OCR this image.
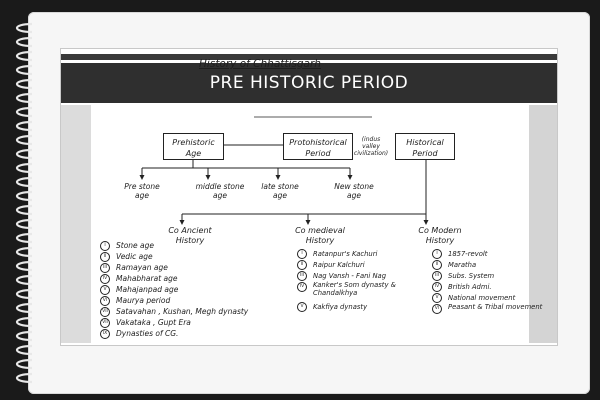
PRE HISTORIC PERIOD
History of Chhattisgarh
Prehistoric Age
Protohistorical Period
(indus valley civilization)
Historical Period
Pre stone age
middle stone age
late stone age
New stone age
Co Ancient History
Co medieval History
Co Modern History
I	Stone age
II	Vedic age
III	Ramayan age
IV	Mahabharat age
V	Mahajanpad age
VI	Maurya period
VII Satavahan , Kushan, Megh dynasty
VII Vakataka , Gupt Era
IX	Dynasties of CG.
I	Ratanpur's Kachuri
II	Raipur Kalchuri
III	Nag Vansh - Fani Nag
IV	Kanker's Som dynasty & Chandalkhya
V	Kakfiya dynasty
I	1857-revolt
II	Maratha
III	Subs. System
IV	British Admi.
V	National movement
VI	Peasant & Tribal movement
